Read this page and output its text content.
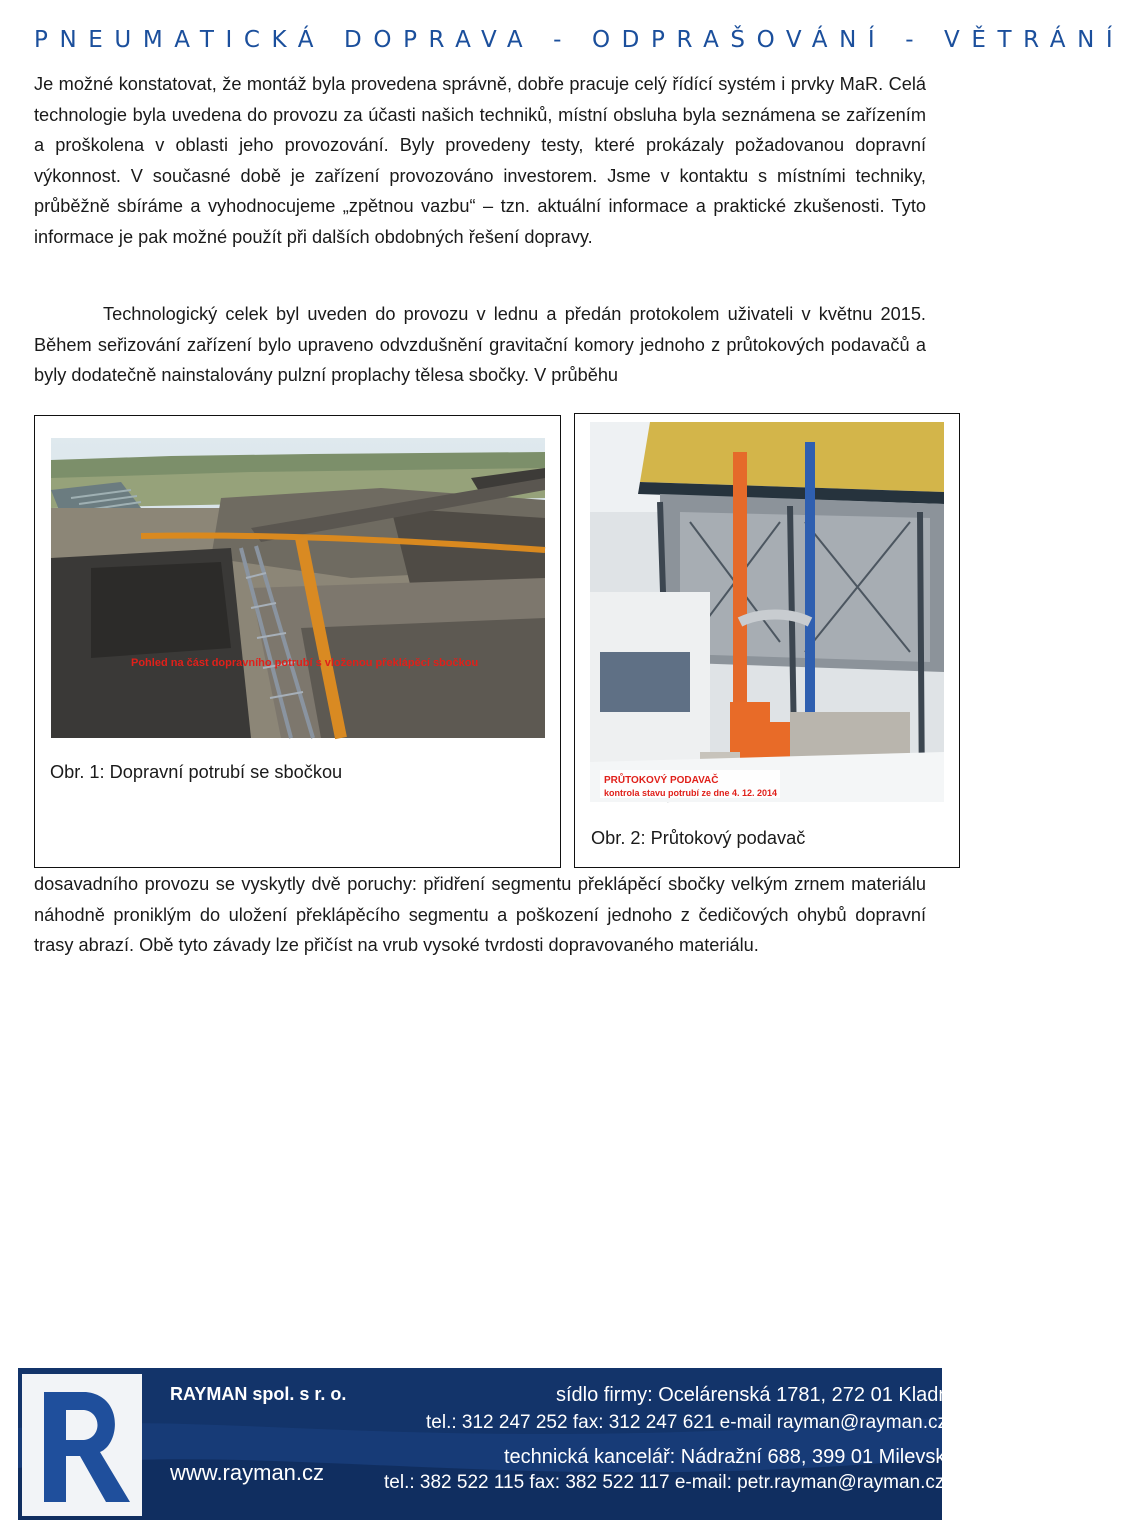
PNEUMATICKÁ DOPRAVA - ODPRAŠOVÁNÍ - VĚTRÁNÍ
Je možné konstatovat, že montáž byla provedena správně, dobře pracuje celý řídící systém i prvky MaR. Celá technologie byla uvedena do provozu za účasti našich techniků, místní obsluha byla seznámena se zařízením a proškolena v oblasti jeho provozování. Byly provedeny testy, které prokázaly požadovanou dopravní výkonnost. V současné době je zařízení provozováno investorem. Jsme v kontaktu s místními techniky, průběžně sbíráme a vyhodnocujeme „zpětnou vazbu“ – tzn. aktuální informace a praktické zkušenosti. Tyto informace je pak možné použít při dalších obdobných řešení dopravy.
Technologický celek byl uveden do provozu v lednu a předán protokolem uživateli v květnu 2015. Během seřizování zařízení bylo upraveno odvzdušnění gravitační komory jednoho z průtokových podavačů a byly dodatečně nainstalovány pulzní proplachy tělesa sbočky. V průběhu
Pohled na část dopravního potrubí s vloženou překlápěcí sbočkou
Obr. 1: Dopravní potrubí se sbočkou	PRŮTOKOVÝ PODAVAČ
kontrola stavu potrubí ze dne 4. 12. 2014
Obr. 2: Průtokový podavač
dosavadního provozu se vyskytly dvě poruchy: přidření segmentu překlápěcí sbočky velkým zrnem materiálu náhodně proniklým do uložení překlápěcího segmentu a poškození jednoho z čedičových ohybů dopravní trasy abrazí. Obě tyto závady lze přičíst na vrub vysoké tvrdosti dopravovaného materiálu.
RAYMAN spol. s r. o.
www.rayman.cz
sídlo firmy: Ocelárenská 1781, 272 01 Kladno
tel.: 312 247 252 fax: 312 247 621 e-mail rayman@rayman.cz
technická kancelář: Nádražní 688, 399 01 Milevsko
tel.: 382 522 115 fax: 382 522 117 e-mail: petr.rayman@rayman.cz
